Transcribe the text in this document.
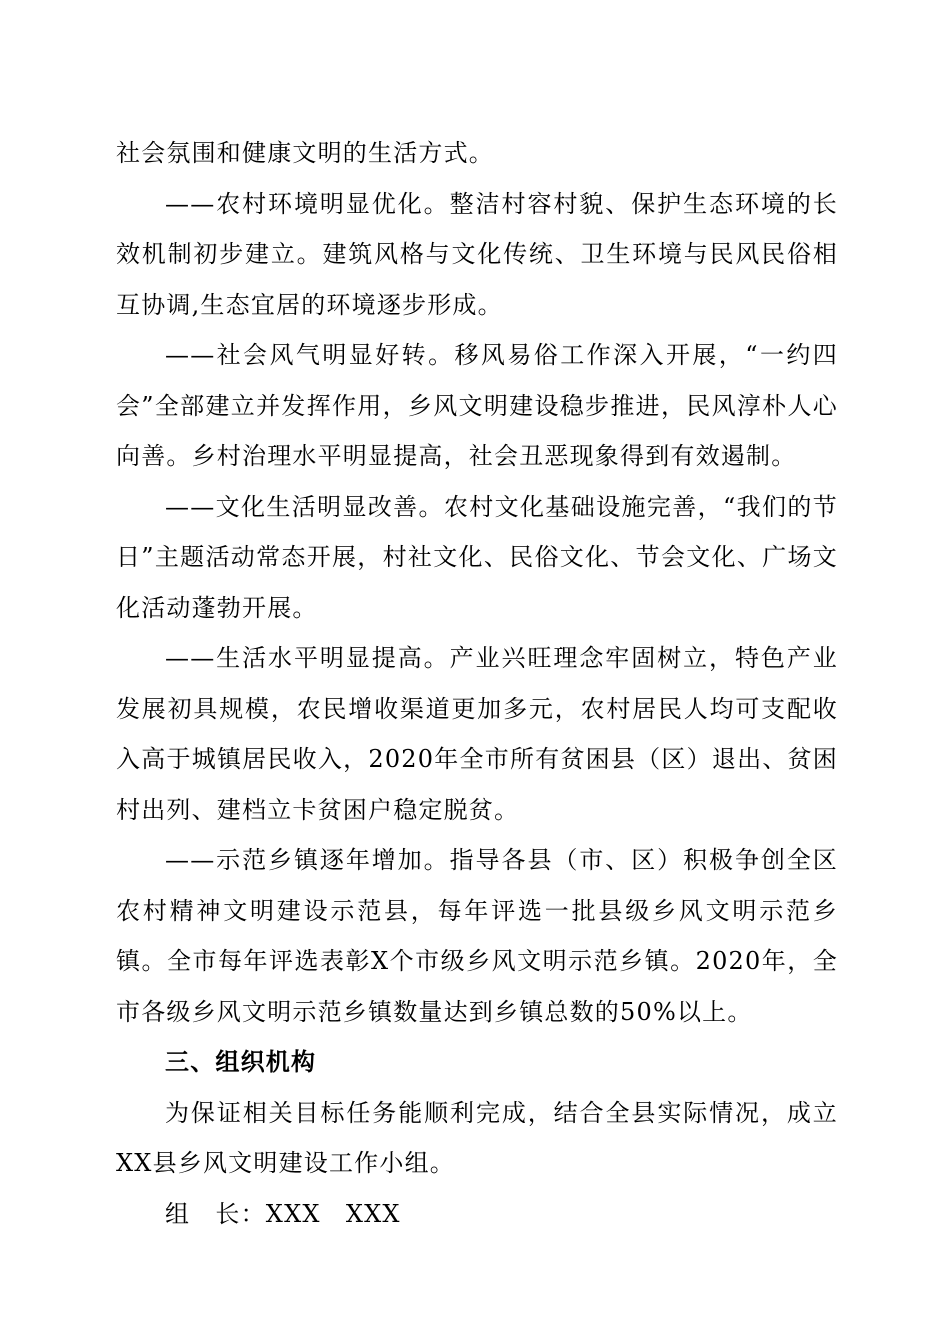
社会氛围和健康文明的生活方式。

——农村环境明显优化。整洁村容村貌、保护生态环境的长效机制初步建立。建筑风格与文化传统、卫生环境与民风民俗相互协调,生态宜居的环境逐步形成。

——社会风气明显好转。移风易俗工作深入开展，“一约四会”全部建立并发挥作用，乡风文明建设稳步推进，民风淳朴人心向善。乡村治理水平明显提高，社会丑恶现象得到有效遏制。

——文化生活明显改善。农村文化基础设施完善，“我们的节日”主题活动常态开展，村社文化、民俗文化、节会文化、广场文化活动蓬勃开展。

——生活水平明显提高。产业兴旺理念牢固树立，特色产业发展初具规模，农民增收渠道更加多元，农村居民人均可支配收入高于城镇居民收入，2020年全市所有贫困县（区）退出、贫困村出列、建档立卡贫困户稳定脱贫。

——示范乡镇逐年增加。指导各县（市、区）积极争创全区农村精神文明建设示范县，每年评选一批县级乡风文明示范乡镇。全市每年评选表彰X个市级乡风文明示范乡镇。2020年，全市各级乡风文明示范乡镇数量达到乡镇总数的50%以上。

三、组织机构

为保证相关目标任务能顺利完成，结合全县实际情况，成立XX县乡风文明建设工作小组。

组　长：XXX　XXX
